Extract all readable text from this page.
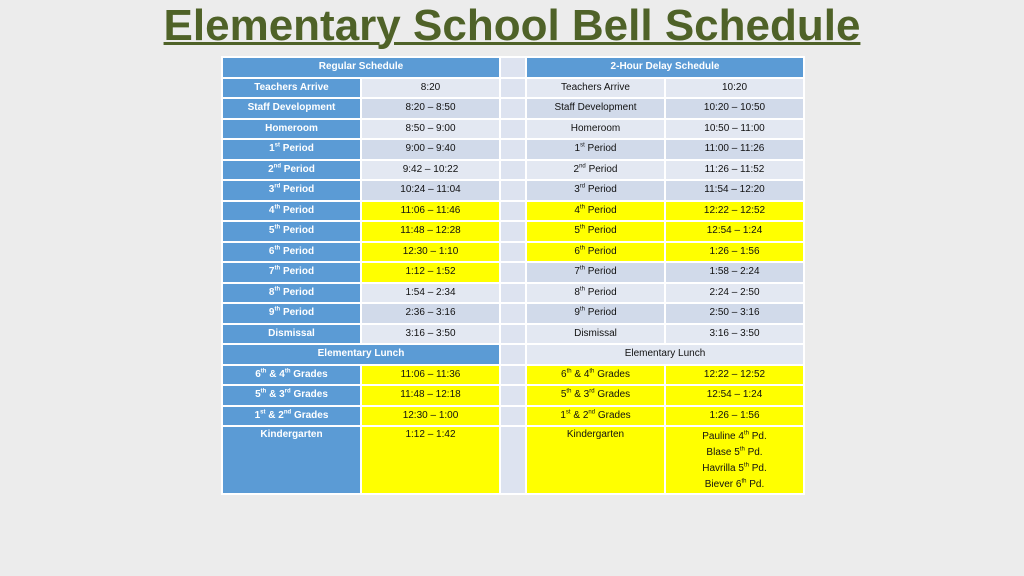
Elementary School Bell Schedule
Regular Schedule			2-Hour Delay Schedule	
Teachers Arrive	8:20		Teachers Arrive	10:20
Staff Development	8:20 – 8:50		Staff Development	10:20 – 10:50
Homeroom	8:50 – 9:00		Homeroom	10:50 – 11:00
1st Period	9:00 – 9:40		1st Period	11:00 – 11:26
2nd Period	9:42 – 10:22		2nd Period	11:26 – 11:52
3rd Period	10:24 – 11:04		3rd Period	11:54 – 12:20
4th Period	11:06 – 11:46		4th Period	12:22 – 12:52
5th Period	11:48 – 12:28		5th Period	12:54 – 1:24
6th Period	12:30 – 1:10		6th Period	1:26 – 1:56
7th Period	1:12 – 1:52		7th Period	1:58 – 2:24
8th Period	1:54 – 2:34		8th Period	2:24 – 2:50
9th Period	2:36 – 3:16		9th Period	2:50 – 3:16
Dismissal	3:16 – 3:50		Dismissal	3:16 – 3:50
Elementary Lunch			Elementary Lunch	
6th & 4th Grades	11:06 – 11:36		6th & 4th Grades	12:22 – 12:52
5th & 3rd Grades	11:48 – 12:18		5th & 3rd Grades	12:54 – 1:24
1st & 2nd Grades	12:30 – 1:00		1st & 2nd Grades	1:26 – 1:56
Kindergarten	1:12 – 1:42		Kindergarten	Pauline 4th Pd.
Blase 5th Pd.
Havrilla 5th Pd.
Biever 6th Pd.
